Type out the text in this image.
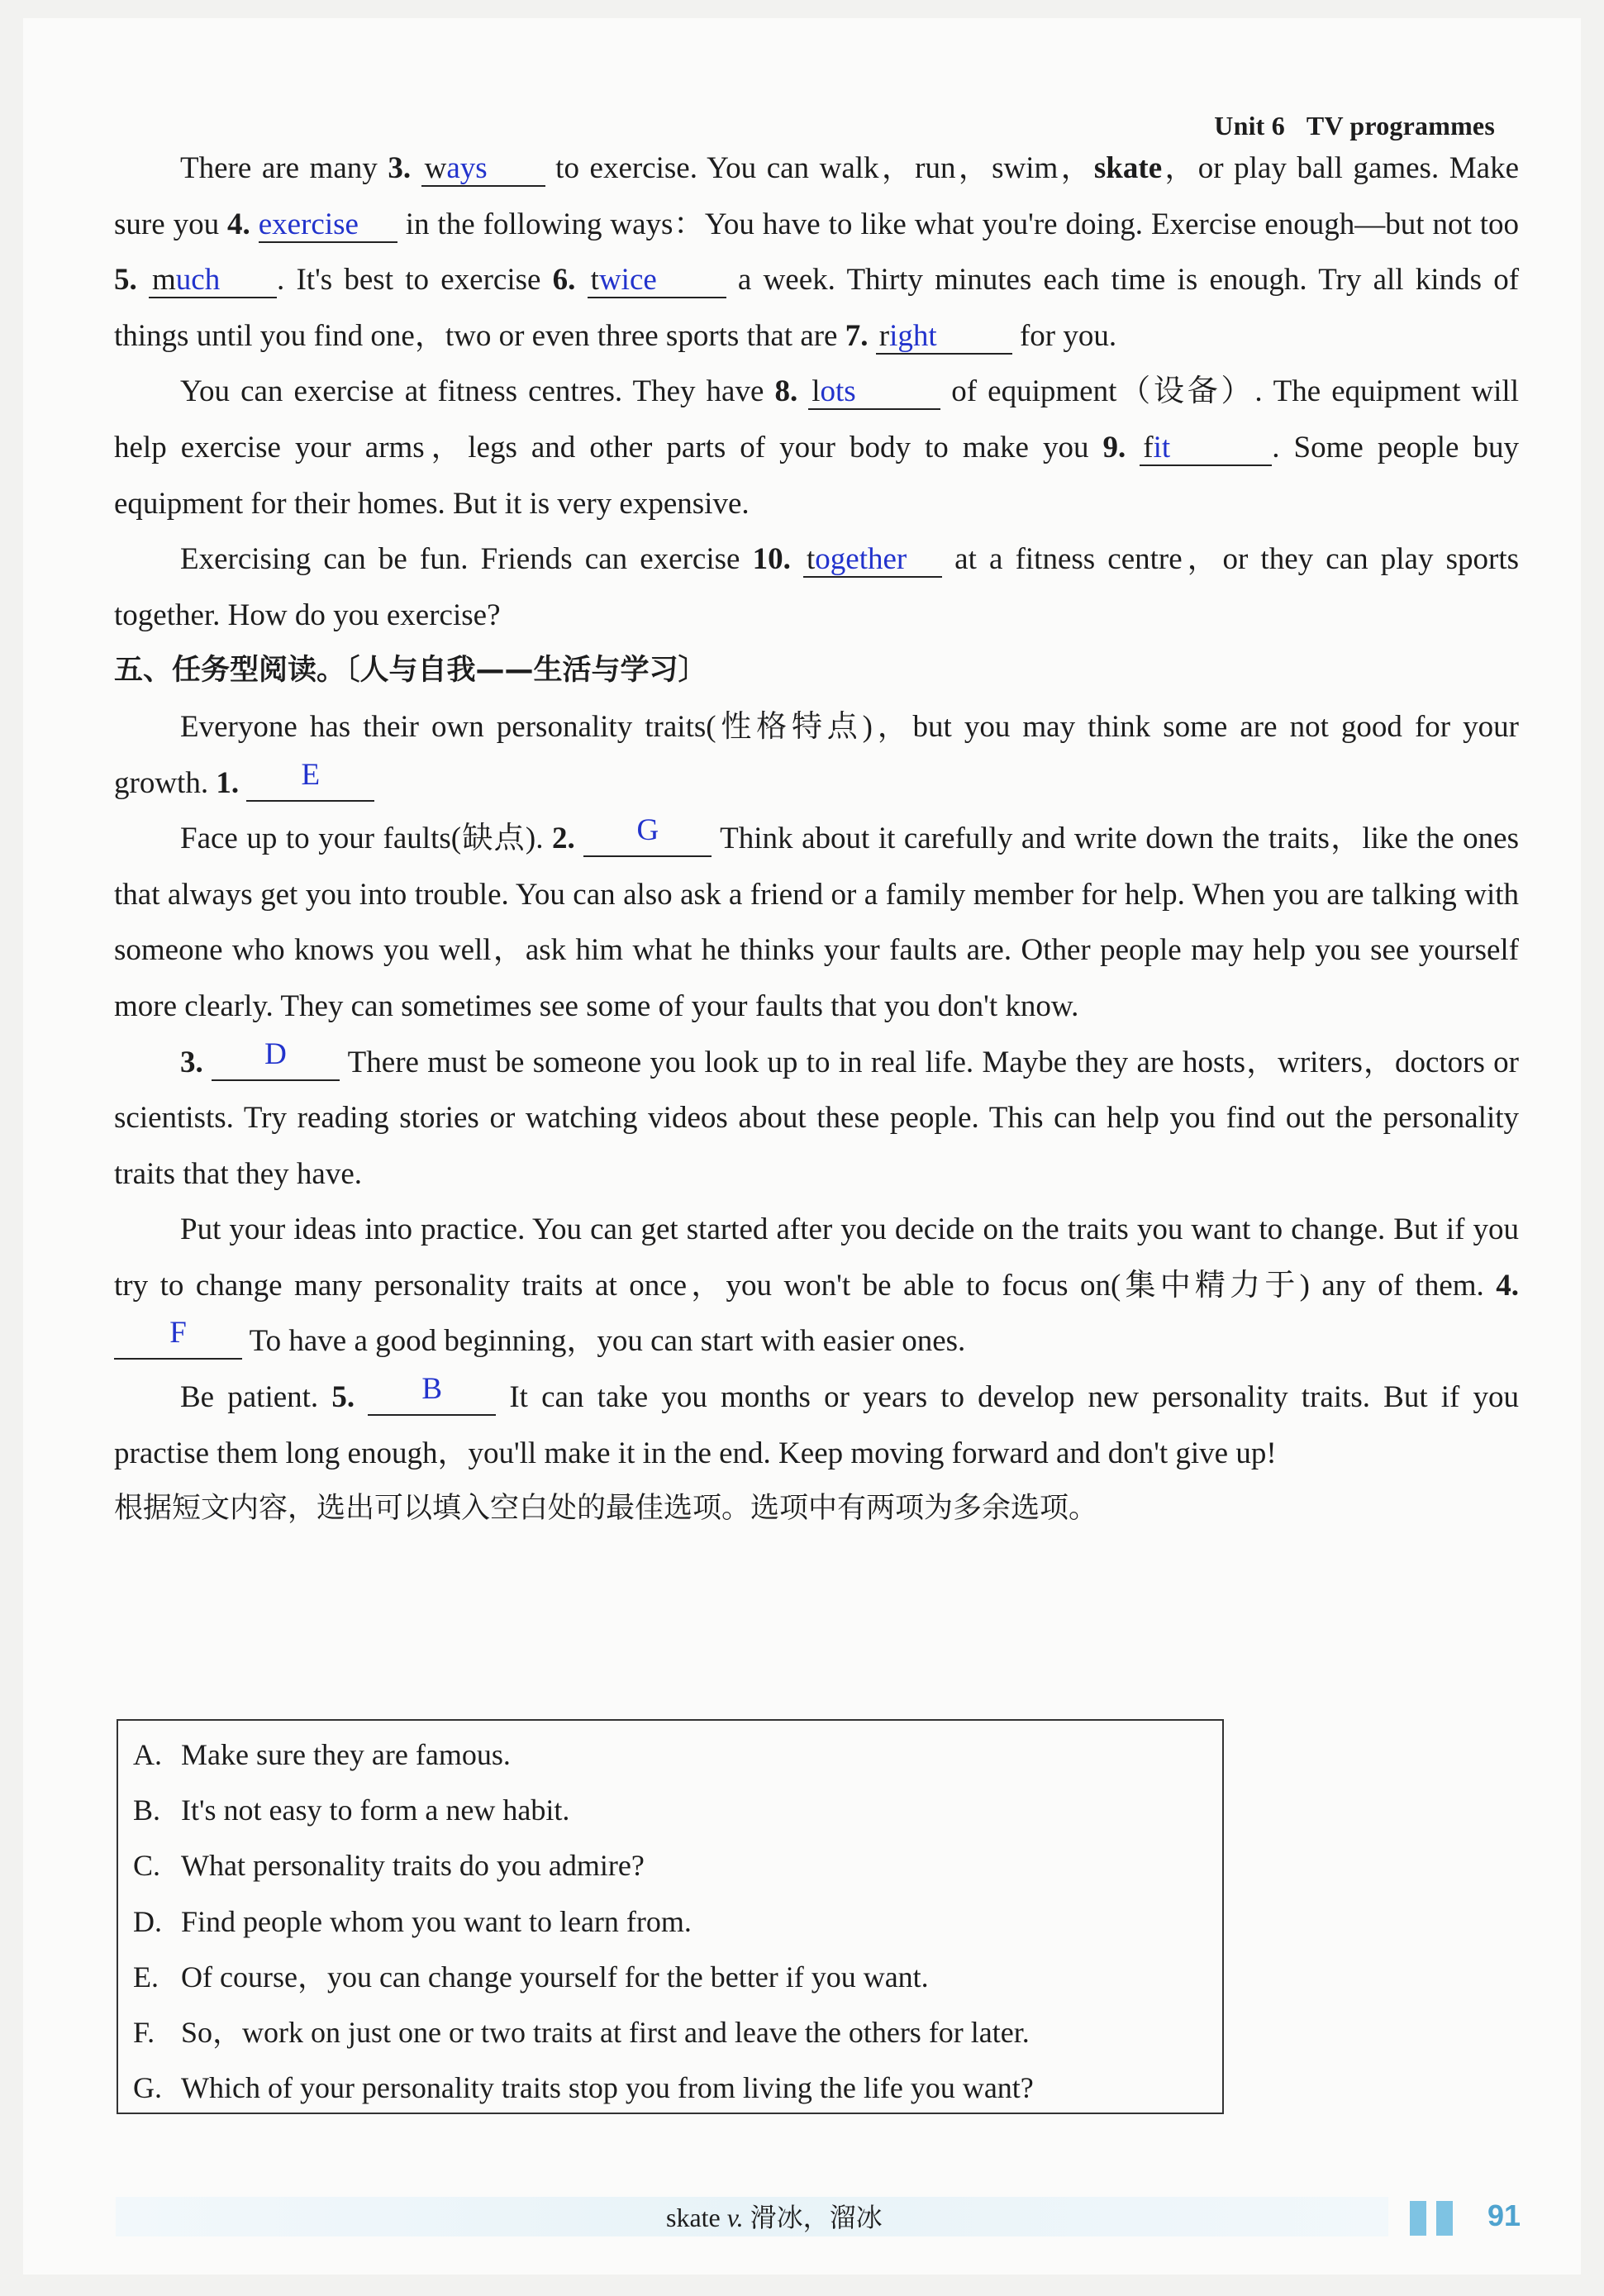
Unit 6 TV programmes

There are many 3. ways to exercise. You can walk，run，swim，skate，or play ball games. Make sure you 4. exercise in the following ways：You have to like what you're doing. Exercise enough—but not too 5. much . It's best to exercise 6. twice a week. Thirty minutes each time is enough. Try all kinds of things until you find one，two or even three sports that are 7. right for you.

You can exercise at fitness centres. They have 8. lots	of equipment（设备）. The equipment will help exercise your arms，legs and other parts of your body to make you 9. fit	. Some people buy equipment for their homes. But it is very expensive.

Exercising can be fun. Friends can exercise 10. together at a fitness centre，or they can play sports together. How do you exercise?

五、任务型阅读。〔人与自我——生活与学习〕

Everyone has their own personality traits(性格特点)，but you may think some are not good for your growth. 1. E

Face up to your faults(缺点). 2. G Think about it carefully and write down the traits，like the ones that always get you into trouble. You can also ask a friend or a family member for help. When you are talking with someone who knows you well，ask him what he thinks your faults are. Other people may help you see yourself more clearly. They can sometimes see some of your faults that you don't know.

3. D There must be someone you look up to in real life. Maybe they are hosts，writers，doctors or scientists. Try reading stories or watching videos about these people. This can help you find out the personality traits that they have.

Put your ideas into practice. You can get started after you decide on the traits you want to change. But if you try to change many personality traits at once，you won't be able to focus on(集中精力于) any of them. 4. F To have a good beginning，you can start with easier ones.

Be patient. 5. B It can take you months or years to develop new personality traits. But if you practise them long enough，you'll make it in the end. Keep moving forward and don't give up!

根据短文内容，选出可以填入空白处的最佳选项。选项中有两项为多余选项。

A. Make sure they are famous.
B. It's not easy to form a new habit.
C. What personality traits do you admire?
D. Find people whom you want to learn from.
E. Of course，you can change yourself for the better if you want.
F. So，work on just one or two traits at first and leave the others for later.
G. Which of your personality traits stop you from living the life you want?
skate v. 滑冰，溜冰	91
